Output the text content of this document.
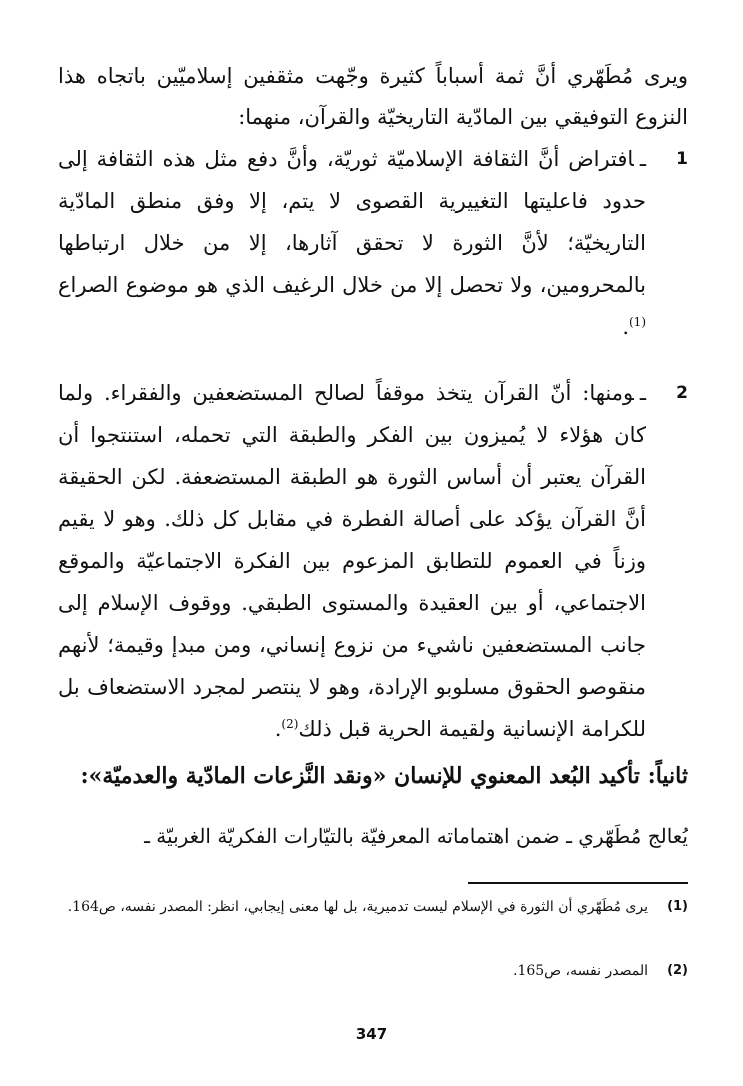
ويرى مُطَهّري أنَّ ثمة أسباباً كثيرة وجّهت مثقفين إسلاميّين باتجاه هذا النزوع التوفيقي بين المادّية التاريخيّة والقرآن، منهما:

1
ـافتراض أنَّ الثقافة الإسلاميّة ثوريّة، وأنَّ دفع مثل هذه الثقافة إلى حدود فاعليتها التغييرية القصوى لا يتم، إلا وفق منطق المادّية التاريخيّة؛ لأنَّ الثورة لا تحقق آثارها، إلا من خلال ارتباطها بالمحرومين، ولا تحصل إلا من خلال الرغيف الذي هو موضوع الصراع$^{(1)}$.
2
ـومنها: أنّ القرآن يتخذ موقفاً لصالح المستضعفين والفقراء. ولما كان هؤلاء لا يُميزون بين الفكر والطبقة التي تحمله، استنتجوا أن القرآن يعتبر أن أساس الثورة هو الطبقة المستضعفة. لكن الحقيقة أنَّ القرآن يؤكد على أصالة الفطرة في مقابل كل ذلك. وهو لا يقيم وزناً في العموم للتطابق المزعوم بين الفكرة الاجتماعيّة والموقع الاجتماعي، أو بين العقيدة والمستوى الطبقي. ووقوف الإسلام إلى جانب المستضعفين ناشيء من نزوع إنساني، ومن مبدإ وقيمة؛ لأنهم منقوصو الحقوق مسلوبو الإرادة، وهو لا ينتصر لمجرد الاستضعاف بل للكرامة الإنسانية ولقيمة الحرية قبل ذلك$^{(2)}$.
ثانياً: تأكيد البُعد المعنوي للإنسان «ونقد النَّزعات المادّية والعدميّة»:
يُعالج مُطَهّري ـ ضمن اهتماماته المعرفيّة بالتيّارات الفكريّة الغربيّة ـ
(1)
يرى مُطَهّري أن الثورة في الإسلام ليست تدميرية، بل لها معنى إيجابي، انظر: المصدر نفسه، ص164.
(2)
المصدر نفسه، ص165.
347
